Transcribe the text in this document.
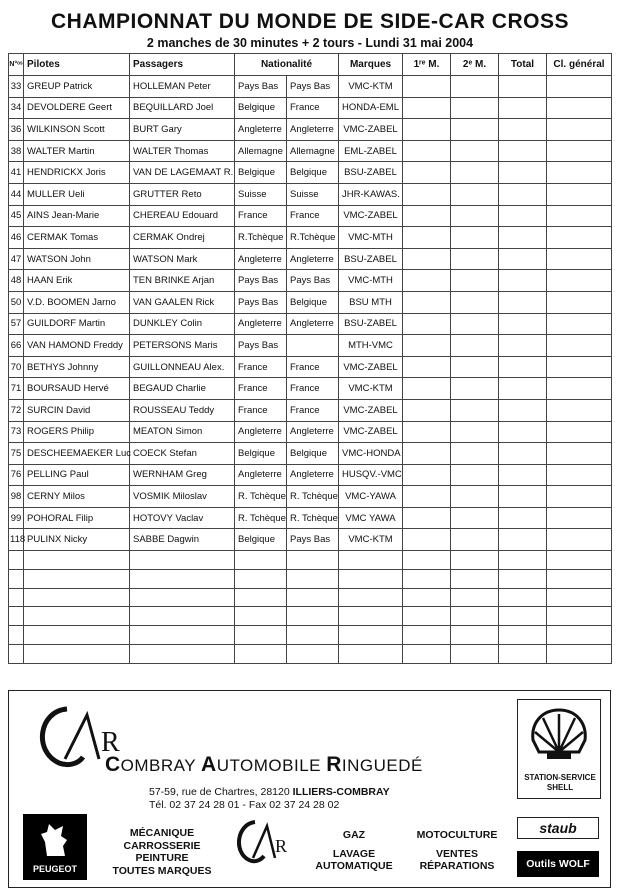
CHAMPIONNAT DU MONDE DE SIDE-CAR CROSS
2 manches de 30 minutes + 2 tours - Lundi 31 mai 2004
N°ᵒˢ	Pilotes	Passagers	Nationalité		Marques	1ʳᵉ M.	2ᵉ M.	Total	Cl. général
33	GREUP Patrick	HOLLEMAN Peter	Pays Bas	Pays Bas	VMC-KTM				
34	DEVOLDERE Geert	BEQUILLARD Joel	Belgique	France	HONDA-EML				
36	WILKINSON Scott	BURT Gary	Angleterre	Angleterre	VMC-ZABEL				
38	WALTER Martin	WALTER Thomas	Allemagne	Allemagne	EML-ZABEL				
41	HENDRICKX Joris	VAN DE LAGEMAAT R.	Belgique	Belgique	BSU-ZABEL				
44	MULLER Ueli	GRUTTER Reto	Suisse	Suisse	JHR-KAWAS.				
45	AINS Jean-Marie	CHEREAU Edouard	France	France	VMC-ZABEL				
46	CERMAK Tomas	CERMAK Ondrej	R.Tchèque	R.Tchèque	VMC-MTH				
47	WATSON John	WATSON Mark	Angleterre	Angleterre	BSU-ZABEL				
48	HAAN Erik	TEN BRINKE Arjan	Pays Bas	Pays Bas	VMC-MTH				
50	V.D. BOOMEN Jarno	VAN GAALEN Rick	Pays Bas	Belgique	BSU MTH				
57	GUILDORF Martin	DUNKLEY Colin	Angleterre	Angleterre	BSU-ZABEL				
66	VAN HAMOND Freddy	PETERSONS Maris	Pays Bas		MTH-VMC				
70	BETHYS Johnny	GUILLONNEAU Alex.	France	France	VMC-ZABEL				
71	BOURSAUD Hervé	BEGAUD Charlie	France	France	VMC-KTM				
72	SURCIN David	ROUSSEAU Teddy	France	France	VMC-ZABEL				
73	ROGERS Philip	MEATON Simon	Angleterre	Angleterre	VMC-ZABEL				
75	DESCHEEMAEKER Luc	COECK Stefan	Belgique	Belgique	VMC-HONDA				
76	PELLING Paul	WERNHAM Greg	Angleterre	Angleterre	HUSQV.-VMC				
98	CERNY Milos	VOSMIK Miloslav	R. Tchèque	R. Tchèque	VMC-YAWA				
99	POHORAL Filip	HOTOVY Vaclav	R. Tchèque	R. Tchèque	VMC YAWA				
118	PULINX Nicky	SABBE Dagwin	Belgique	Pays Bas	VMC-KTM				

R
COMBRAY AUTOMOBILE RINGUEDÉ
57-59, rue de Chartres, 28120 ILLIERS-COMBRAY
Tél. 02 37 24 28 01 - Fax 02 37 24 28 02
STATION-SERVICE
SHELL
PEUGEOT
MÉCANIQUE
CARROSSERIE
PEINTURE
TOUTES MARQUES
R
GAZ
LAVAGE
AUTOMATIQUE
MOTOCULTURE
VENTES
RÉPARATIONS
staub
Outils WOLF
